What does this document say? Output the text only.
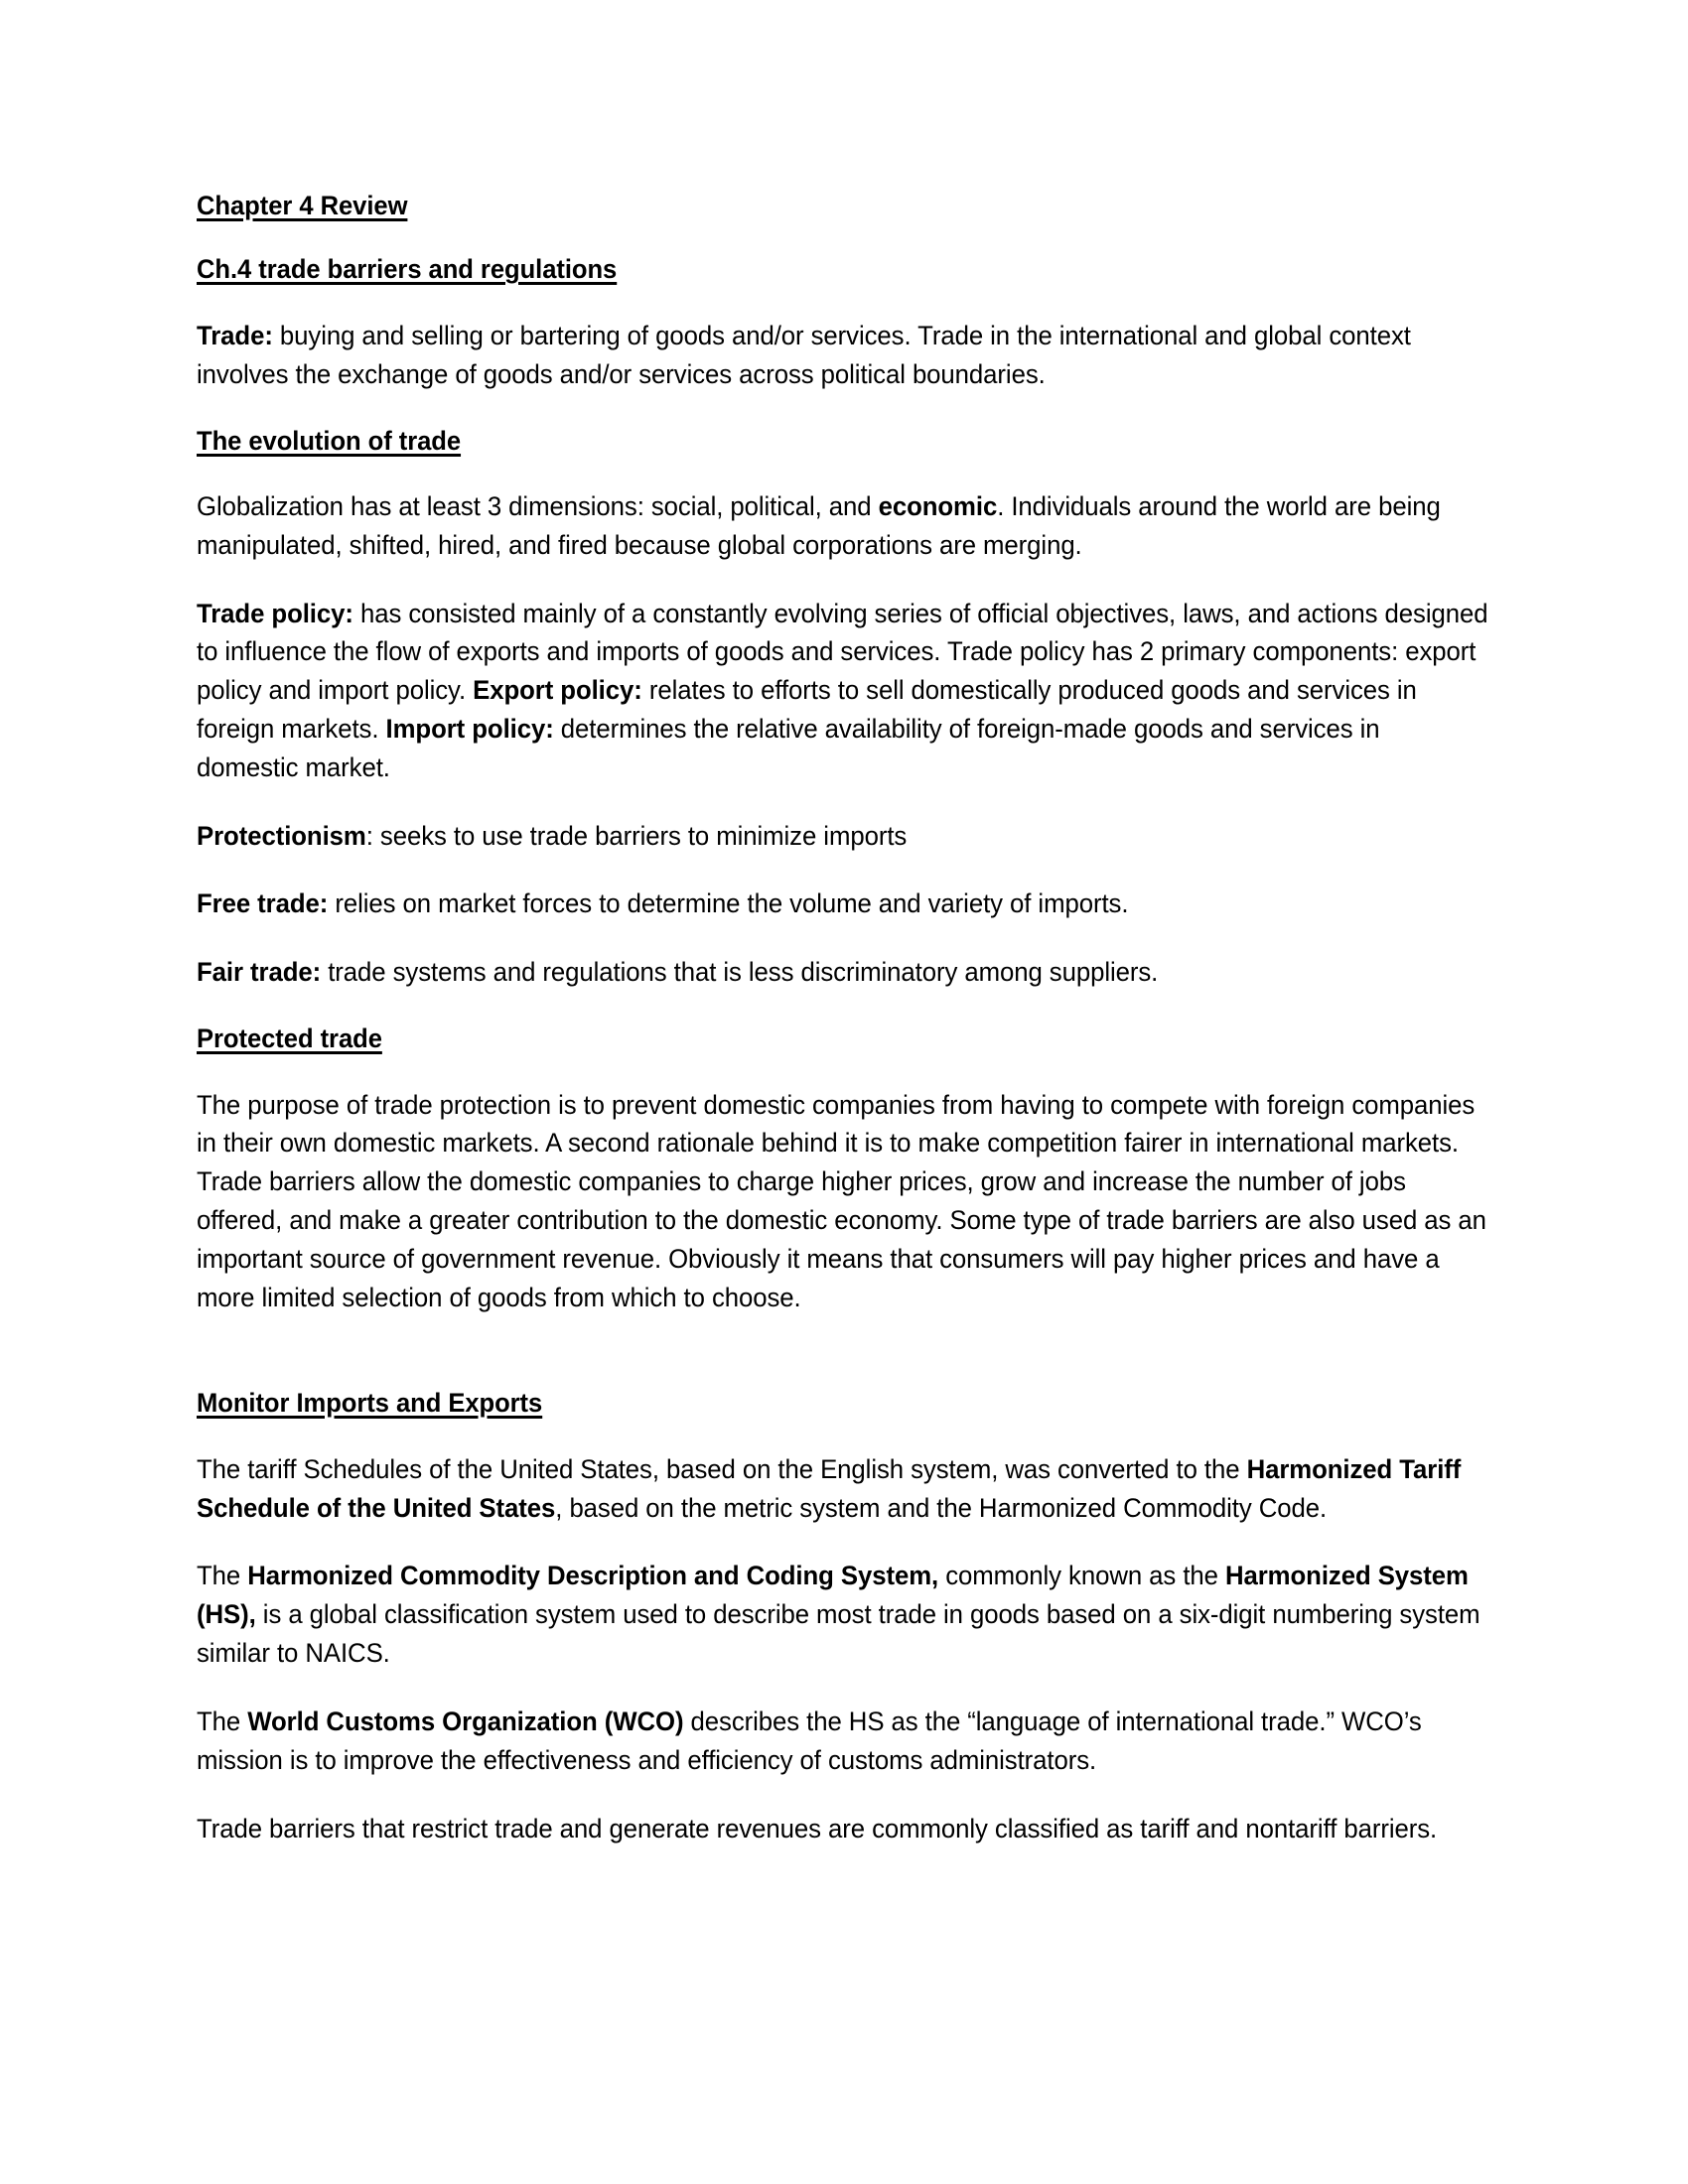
Chapter 4 Review
Ch.4 trade barriers and regulations
Trade: buying and selling or bartering of goods and/or services. Trade in the international and global context involves the exchange of goods and/or services across political boundaries.
The evolution of trade
Globalization has at least 3 dimensions: social, political, and economic. Individuals around the world are being manipulated, shifted, hired, and fired because global corporations are merging.
Trade policy: has consisted mainly of a constantly evolving series of official objectives, laws, and actions designed to influence the flow of exports and imports of goods and services. Trade policy has 2 primary components: export policy and import policy. Export policy: relates to efforts to sell domestically produced goods and services in foreign markets. Import policy: determines the relative availability of foreign-made goods and services in domestic market.
Protectionism: seeks to use trade barriers to minimize imports
Free trade: relies on market forces to determine the volume and variety of imports.
Fair trade: trade systems and regulations that is less discriminatory among suppliers.
Protected trade
The purpose of trade protection is to prevent domestic companies from having to compete with foreign companies in their own domestic markets. A second rationale behind it is to make competition fairer in international markets. Trade barriers allow the domestic companies to charge higher prices, grow and increase the number of jobs offered, and make a greater contribution to the domestic economy. Some type of trade barriers are also used as an important source of government revenue. Obviously it means that consumers will pay higher prices and have a more limited selection of goods from which to choose.
Monitor Imports and Exports
The tariff Schedules of the United States, based on the English system, was converted to the Harmonized Tariff Schedule of the United States, based on the metric system and the Harmonized Commodity Code.
The Harmonized Commodity Description and Coding System, commonly known as the Harmonized System (HS), is a global classification system used to describe most trade in goods based on a six-digit numbering system similar to NAICS.
The World Customs Organization (WCO) describes the HS as the “language of international trade.” WCO’s mission is to improve the effectiveness and efficiency of customs administrators.
Trade barriers that restrict trade and generate revenues are commonly classified as tariff and nontariff barriers.
